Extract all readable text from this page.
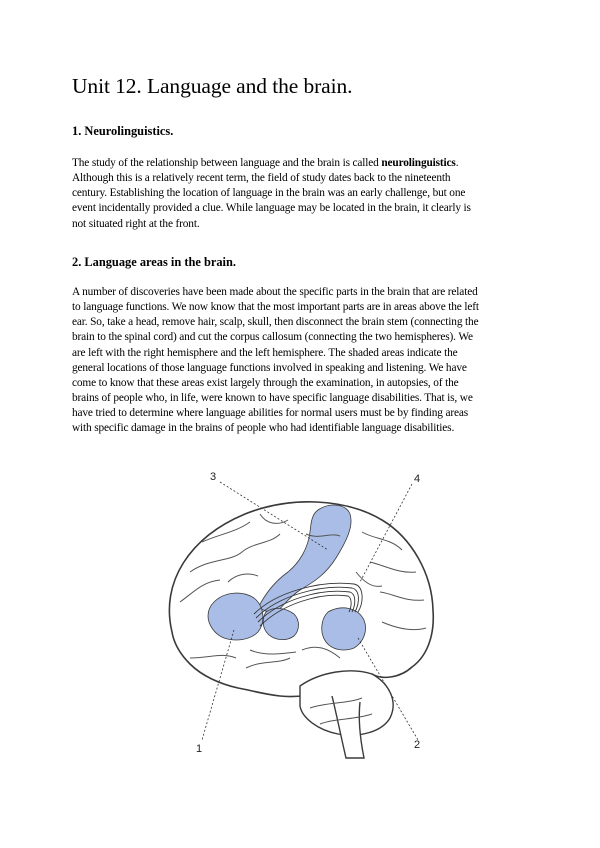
Unit 12. Language and the brain.
1. Neurolinguistics.

The study of the relationship between language and the brain is called neurolinguistics.
Although this is a relatively recent term, the field of study dates back to the nineteenth
century. Establishing the location of language in the brain was an early challenge, but one
event incidentally provided a clue. While language may be located in the brain, it clearly is
not situated right at the front.

2. Language areas in the brain.

A number of discoveries have been made about the specific parts in the brain that are related
to language functions. We now know that the most important parts are in areas above the left
ear. So, take a head, remove hair, scalp, skull, then disconnect the brain stem (connecting the
brain to the spinal cord) and cut the corpus callosum (connecting the two hemispheres). We
are left with the right hemisphere and the left hemisphere. The shaded areas indicate the
general locations of those language functions involved in speaking and listening. We have
come to know that these areas exist largely through the examination, in autopsies, of the
brains of people who, in life, were known to have specific language disabilities. That is, we
have tried to determine where language abilities for normal users must be by finding areas
with specific damage in the brains of people who had identifiable language disabilities.

3	4
1	2
